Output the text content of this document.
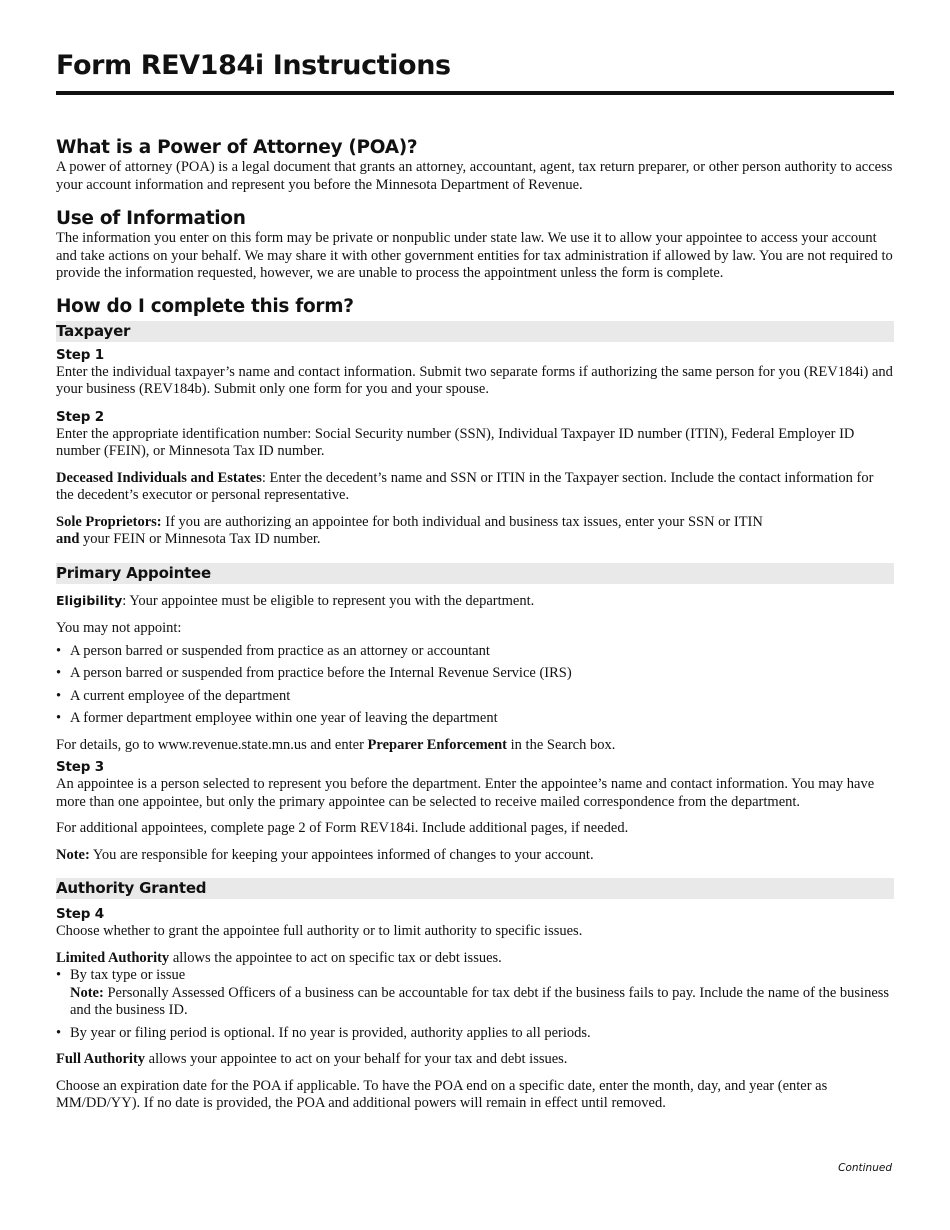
Form REV184i Instructions
What is a Power of Attorney (POA)?

A power of attorney (POA) is a legal document that grants an attorney, accountant, agent, tax return preparer, or other person authority to access your account information and represent you before the Minnesota Department of Revenue.

Use of Information

The information you enter on this form may be private or nonpublic under state law. We use it to allow your appointee to access your account and take actions on your behalf. We may share it with other government entities for tax administration if allowed by law. You are not required to provide the information requested, however, we are unable to process the appointment unless the form is complete.

How do I complete this form?
Taxpayer
Step 1

Enter the individual taxpayer’s name and contact information. Submit two separate forms if authorizing the same person for you (REV184i) and your business (REV184b). Submit only one form for you and your spouse.

Step 2

Enter the appropriate identification number: Social Security number (SSN), Individual Taxpayer ID number (ITIN), Federal Employer ID number (FEIN), or Minnesota Tax ID number.

Deceased Individuals and Estates: Enter the decedent’s name and SSN or ITIN in the Taxpayer section. Include the contact information for the decedent’s executor or personal representative.

Sole Proprietors: If you are authorizing an appointee for both individual and business tax issues, enter your SSN or ITIN
and your FEIN or Minnesota Tax ID number.

Primary Appointee

Eligibility: Your appointee must be eligible to represent you with the department.

You may not appoint:

• A person barred or suspended from practice as an attorney or accountant
• A person barred or suspended from practice before the Internal Revenue Service (IRS)
• A current employee of the department
• A former department employee within one year of leaving the department

For details, go to www.revenue.state.mn.us and enter Preparer Enforcement in the Search box.

Step 3

An appointee is a person selected to represent you before the department. Enter the appointee’s name and contact information. You may have more than one appointee, but only the primary appointee can be selected to receive mailed correspondence from the department.

For additional appointees, complete page 2 of Form REV184i. Include additional pages, if needed.

Note: You are responsible for keeping your appointees informed of changes to your account.

Authority Granted
Step 4

Choose whether to grant the appointee full authority or to limit authority to specific issues.

Limited Authority allows the appointee to act on specific tax or debt issues.

• By tax type or issue
Note: Personally Assessed Officers of a business can be accountable for tax debt if the business fails to pay. Include the name of the business and the business ID.
• By year or filing period is optional. If no year is provided, authority applies to all periods.

Full Authority allows your appointee to act on your behalf for your tax and debt issues.

Choose an expiration date for the POA if applicable. To have the POA end on a specific date, enter the month, day, and year (enter as MM/DD/YY). If no date is provided, the POA and additional powers will remain in effect until removed.

Continued
